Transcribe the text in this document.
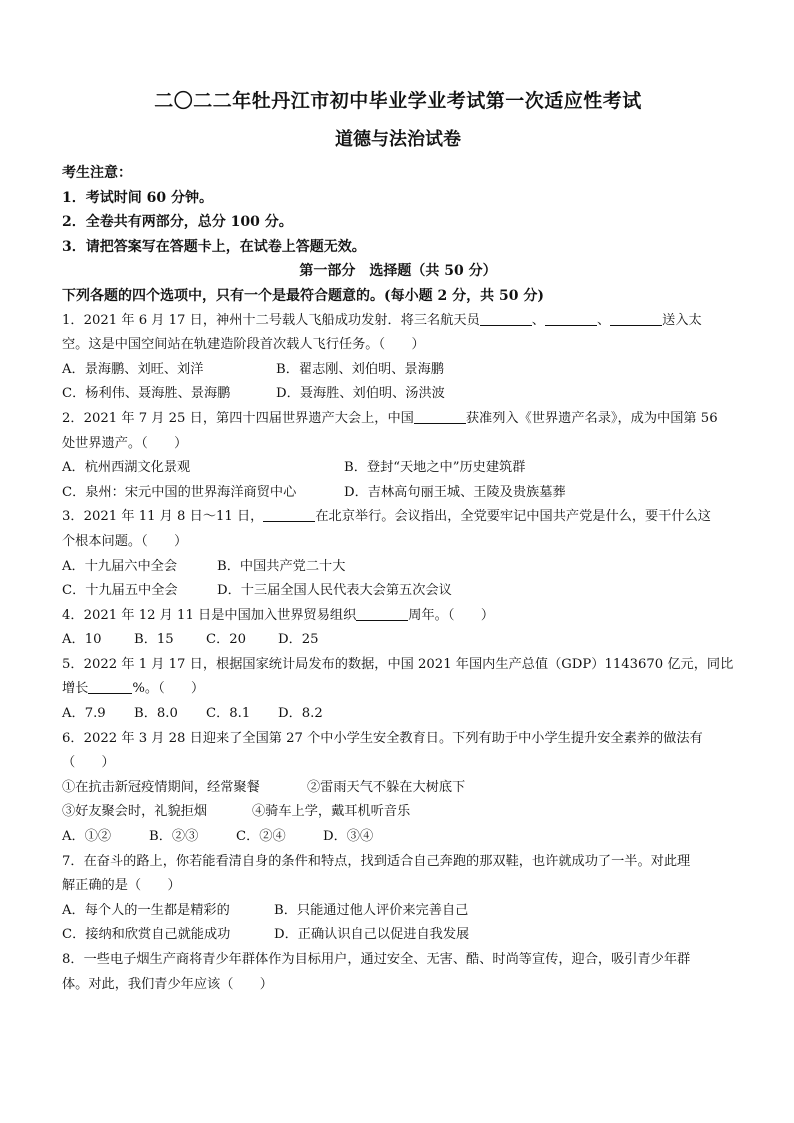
二〇二二年牡丹江市初中毕业学业考试第一次适应性考试
道德与法治试卷
考生注意：
1．考试时间 60 分钟。
2．全卷共有两部分，总分 100 分。
3．请把答案写在答题卡上，在试卷上答题无效。
第一部分　选择题（共 50 分）
下列各题的四个选项中，只有一个是最符合题意的。(每小题 2 分，共 50 分)
1．2021 年 6 月 17 日，神州十二号载人飞船成功发射．将三名航天员	、	、	送入太
空。这是中国空间站在轨建造阶段首次载人飞行任务。（　　）
A．景海鹏、刘旺、刘洋	B．翟志刚、刘伯明、景海鹏
C．杨利伟、聂海胜、景海鹏	D．聂海胜、刘伯明、汤洪波
2．2021 年 7 月 25 日，第四十四届世界遗产大会上，中国	获准列入《世界遗产名录》，成为中国第 56
处世界遗产。（　　）
A．杭州西湖文化景观	B．登封“天地之中”历史建筑群
C．泉州：宋元中国的世界海洋商贸中心	D．吉林高句丽王城、王陵及贵族墓葬
3．2021 年 11 月 8 日～11 日，	在北京举行。会议指出，全党要牢记中国共产党是什么，要干什么这
个根本问题。（　　）
A．十九届六中全会	B．中国共产党二十大
C．十九届五中全会	D．十三届全国人民代表大会第五次会议
4．2021 年 12 月 11 日是中国加入世界贸易组织	周年。（　　）
A．10	B．15	C．20	D．25
5．2022 年 1 月 17 日，根据国家统计局发布的数据，中国 2021 年国内生产总值（GDP）1143670 亿元，同比
增长	%。（　　）
A．7.9	B．8.0	C．8.1	D．8.2
6．2022 年 3 月 28 日迎来了全国第 27 个中小学生安全教育日。下列有助于中小学生提升安全素养的做法有
（　　）
①在抗击新冠疫情期间，经常聚餐	②雷雨天气不躲在大树底下
③好友聚会时，礼貌拒烟	④骑车上学，戴耳机听音乐
A．①②	B．②③	C．②④	D．③④
7．在奋斗的路上，你若能看清自身的条件和特点，找到适合自己奔跑的那双鞋，也许就成功了一半。对此理
解正确的是（　　）
A．每个人的一生都是精彩的	B．只能通过他人评价来完善自己
C．接纳和欣赏自己就能成功	D．正确认识自己以促进自我发展
8．一些电子烟生产商将青少年群体作为目标用户，通过安全、无害、酷、时尚等宣传，迎合，吸引青少年群
体。对此，我们青少年应该（　　）
